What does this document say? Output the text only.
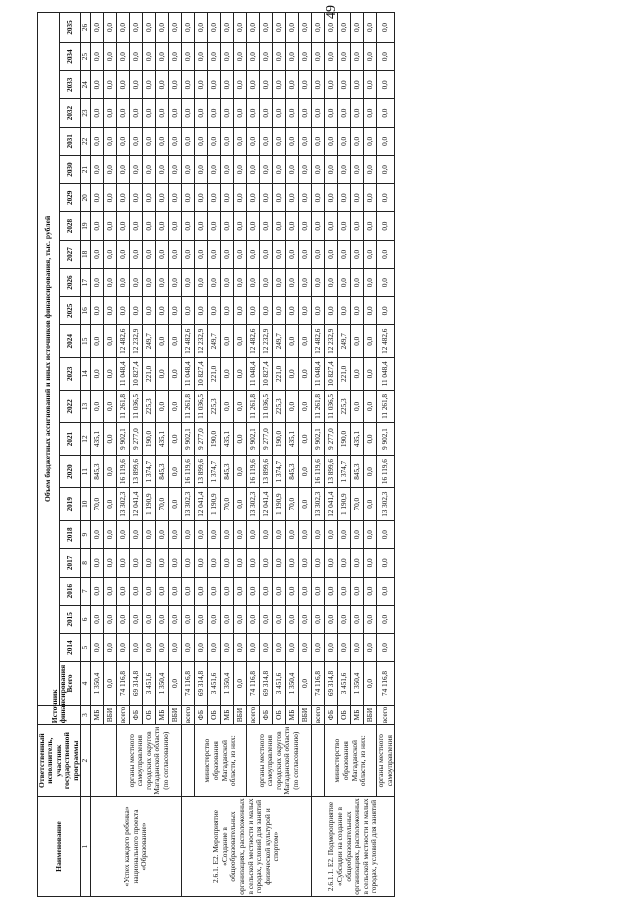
49
Наименование	Ответственный исполнитель, участник государственной программы	Источник финансирования	Объем бюджетных ассигнований и иных источников финансирования, тыс. рублей																						
			Всего	2014	2015	2016	2017	2018	2019	2020	2021	2022	2023	2024	2025	2026	2027	2028	2029	2030	2031	2032	2033	2034	2035
1	2	3	4	5	6	7	8	9	10	11	12	13	14	15	16	17	18	19	20	21	22	23	24	25	26
«Успех каждого ребенка» национального проекта «Образование»		МБ	1 350,4	0,0	0,0	0,0	0,0	0,0	70,0	845,3	435,1	0,0	0,0	0,0	0,0	0,0	0,0	0,0	0,0	0,0	0,0	0,0	0,0	0,0	0,0
		ВБИ	0,0	0,0	0,0	0,0	0,0	0,0	0,0	0,0	0,0	0,0	0,0	0,0	0,0	0,0	0,0	0,0	0,0	0,0	0,0	0,0	0,0	0,0	0,0
	органы местного самоуправления городских округов Магаданской области (по согласованию)	всего:	74 116,8	0,0	0,0	0,0	0,0	0,0	13 302,3	16 119,6	9 902,1	11 261,8	11 048,4	12 482,6	0,0	0,0	0,0	0,0	0,0	0,0	0,0	0,0	0,0	0,0	0,0
		ФБ	69 314,8	0,0	0,0	0,0	0,0	0,0	12 041,4	13 899,6	9 277,0	11 036,5	10 827,4	12 232,9	0,0	0,0	0,0	0,0	0,0	0,0	0,0	0,0	0,0	0,0	0,0
		ОБ	3 451,6	0,0	0,0	0,0	0,0	0,0	1 190,9	1 374,7	190,0	225,3	221,0	249,7	0,0	0,0	0,0	0,0	0,0	0,0	0,0	0,0	0,0	0,0	0,0
		МБ	1 350,4	0,0	0,0	0,0	0,0	0,0	70,0	845,3	435,1	0,0	0,0	0,0	0,0	0,0	0,0	0,0	0,0	0,0	0,0	0,0	0,0	0,0	0,0
		ВБИ	0,0	0,0	0,0	0,0	0,0	0,0	0,0	0,0	0,0	0,0	0,0	0,0	0,0	0,0	0,0	0,0	0,0	0,0	0,0	0,0	0,0	0,0	0,0
2.6.1. Е2. Мероприятие «Создание в общеобразовательных организациях, расположенных в сельской местности и малых городах, условий для занятий физической культурой и спортом»		всего:	74 116,8	0,0	0,0	0,0	0,0	0,0	13 302,3	16 119,6	9 902,1	11 261,8	11 048,4	12 482,6	0,0	0,0	0,0	0,0	0,0	0,0	0,0	0,0	0,0	0,0	0,0
	министерство образования Магаданской области, из них:	ФБ	69 314,8	0,0	0,0	0,0	0,0	0,0	12 041,4	13 899,6	9 277,0	11 036,5	10 827,4	12 232,9	0,0	0,0	0,0	0,0	0,0	0,0	0,0	0,0	0,0	0,0	0,0
		ОБ	3 451,6	0,0	0,0	0,0	0,0	0,0	1 190,9	1 374,7	190,0	225,3	221,0	249,7	0,0	0,0	0,0	0,0	0,0	0,0	0,0	0,0	0,0	0,0	0,0
		МБ	1 350,4	0,0	0,0	0,0	0,0	0,0	70,0	845,3	435,1	0,0	0,0	0,0	0,0	0,0	0,0	0,0	0,0	0,0	0,0	0,0	0,0	0,0	0,0
		ВБИ	0,0	0,0	0,0	0,0	0,0	0,0	0,0	0,0	0,0	0,0	0,0	0,0	0,0	0,0	0,0	0,0	0,0	0,0	0,0	0,0	0,0	0,0	0,0
	органы местного самоуправления городских округов Магаданской области (по согласованию)	всего:	74 116,8	0,0	0,0	0,0	0,0	0,0	13 302,3	16 119,6	9 902,1	11 261,8	11 048,4	12 482,6	0,0	0,0	0,0	0,0	0,0	0,0	0,0	0,0	0,0	0,0	0,0
		ФБ	69 314,8	0,0	0,0	0,0	0,0	0,0	12 041,4	13 899,6	9 277,0	11 036,5	10 827,4	12 232,9	0,0	0,0	0,0	0,0	0,0	0,0	0,0	0,0	0,0	0,0	0,0
		ОБ	3 451,6	0,0	0,0	0,0	0,0	0,0	1 190,9	1 374,7	190,0	225,3	221,0	249,7	0,0	0,0	0,0	0,0	0,0	0,0	0,0	0,0	0,0	0,0	0,0
		МБ	1 350,4	0,0	0,0	0,0	0,0	0,0	70,0	845,3	435,1	0,0	0,0	0,0	0,0	0,0	0,0	0,0	0,0	0,0	0,0	0,0	0,0	0,0	0,0
		ВБИ	0,0	0,0	0,0	0,0	0,0	0,0	0,0	0,0	0,0	0,0	0,0	0,0	0,0	0,0	0,0	0,0	0,0	0,0	0,0	0,0	0,0	0,0	0,0
2.6.1.1. Е2. Подмероприятие «Субсидии на создание в общеобразовательных организациях, расположенных в сельской местности и малых городах, условий для занятий		всего:	74 116,8	0,0	0,0	0,0	0,0	0,0	13 302,3	16 119,6	9 902,1	11 261,8	11 048,4	12 482,6	0,0	0,0	0,0	0,0	0,0	0,0	0,0	0,0	0,0	0,0	0,0
	министерство образования Магаданской области, из них:	ФБ	69 314,8	0,0	0,0	0,0	0,0	0,0	12 041,4	13 899,6	9 277,0	11 036,5	10 827,4	12 232,9	0,0	0,0	0,0	0,0	0,0	0,0	0,0	0,0	0,0	0,0	0,0
		ОБ	3 451,6	0,0	0,0	0,0	0,0	0,0	1 190,9	1 374,7	190,0	225,3	221,0	249,7	0,0	0,0	0,0	0,0	0,0	0,0	0,0	0,0	0,0	0,0	0,0
		МБ	1 350,4	0,0	0,0	0,0	0,0	0,0	70,0	845,3	435,1	0,0	0,0	0,0	0,0	0,0	0,0	0,0	0,0	0,0	0,0	0,0	0,0	0,0	0,0
		ВБИ	0,0	0,0	0,0	0,0	0,0	0,0	0,0	0,0	0,0	0,0	0,0	0,0	0,0	0,0	0,0	0,0	0,0	0,0	0,0	0,0	0,0	0,0	0,0
	органы местного самоуправления	всего:	74 116,8	0,0	0,0	0,0	0,0	0,0	13 302,3	16 119,6	9 902,1	11 261,8	11 048,4	12 482,6	0,0	0,0	0,0	0,0	0,0	0,0	0,0	0,0	0,0	0,0	0,0
